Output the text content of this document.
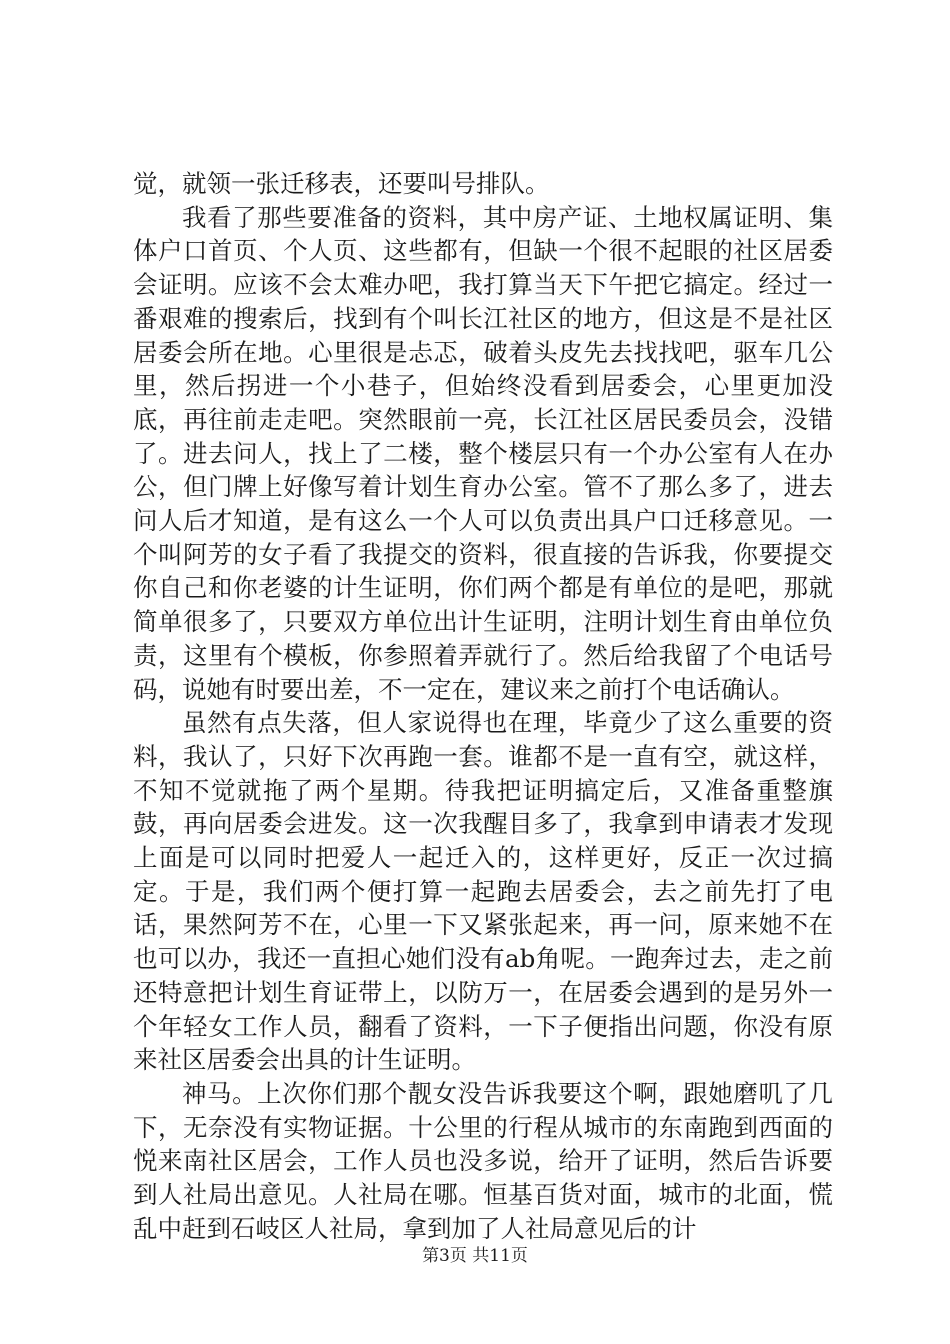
觉，就领一张迁移表，还要叫号排队。

我看了那些要准备的资料，其中房产证、土地权属证明、集体户口首页、个人页、这些都有，但缺一个很不起眼的社区居委会证明。应该不会太难办吧，我打算当天下午把它搞定。经过一番艰难的搜索后，找到有个叫长江社区的地方，但这是不是社区居委会所在地。心里很是忐忑，破着头皮先去找找吧，驱车几公里，然后拐进一个小巷子，但始终没看到居委会，心里更加没底，再往前走走吧。突然眼前一亮，长江社区居民委员会，没错了。进去问人，找上了二楼，整个楼层只有一个办公室有人在办公，但门牌上好像写着计划生育办公室。管不了那么多了，进去问人后才知道，是有这么一个人可以负责出具户口迁移意见。一个叫阿芳的女子看了我提交的资料，很直接的告诉我，你要提交你自己和你老婆的计生证明，你们两个都是有单位的是吧，那就简单很多了，只要双方单位出计生证明，注明计划生育由单位负责，这里有个模板，你参照着弄就行了。然后给我留了个电话号码，说她有时要出差，不一定在，建议来之前打个电话确认。

虽然有点失落，但人家说得也在理，毕竟少了这么重要的资料，我认了，只好下次再跑一套。谁都不是一直有空，就这样，不知不觉就拖了两个星期。待我把证明搞定后，又准备重整旗鼓，再向居委会进发。这一次我醒目多了，我拿到申请表才发现上面是可以同时把爱人一起迁入的，这样更好，反正一次过搞定。于是，我们两个便打算一起跑去居委会，去之前先打了电话，果然阿芳不在，心里一下又紧张起来，再一问，原来她不在也可以办，我还一直担心她们没有ab角呢。一跑奔过去，走之前还特意把计划生育证带上，以防万一，在居委会遇到的是另外一个年轻女工作人员，翻看了资料，一下子便指出问题，你没有原来社区居委会出具的计生证明。

神马。上次你们那个靓女没告诉我要这个啊，跟她磨叽了几下，无奈没有实物证据。十公里的行程从城市的东南跑到西面的悦来南社区居会，工作人员也没多说，给开了证明，然后告诉要到人社局出意见。人社局在哪。恒基百货对面，城市的北面，慌乱中赶到石岐区人社局，拿到加了人社局意见后的计

第3页 共11页
